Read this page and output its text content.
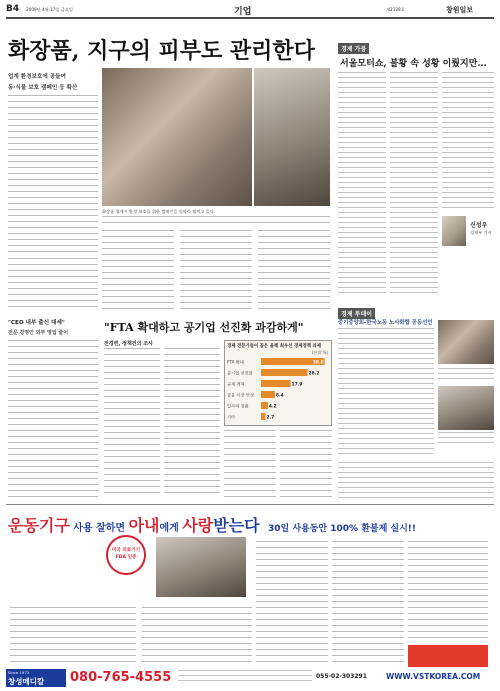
B4 2009년 4월 17일 금요일	기업	제2128호	창원일보
화장품, 지구의 피부도 관리한다
업계 환경보호에 공들여
동·식물 보호 캠페인 등 확산
화장품 업계가 환경 보호를 위한 캠페인을 잇따라 펼치고 있다.
"CEO 내부 출신 대세"
전문 경영인 외부 영입 줄어	"FTA 확대하고 공기업 선진화 과감하게"
전경련, 정책건의 조사	경제 전문가들이 꼽은 올해 최우선 경제정책 과제
(단위:%)
FTA 확대	38.6
공기업 선진화	28.2
규제 개혁	17.9
금융 시장 안정	8.4
일자리 창출	4.2
기타	2.7
경제 가뭄
서울모터쇼, 불황 속 성황 이뤘지만...
신성우
경제부 기자
경제 투데이
중기중앙회-한국노동 노사화합 공동선언
운동기구 사용 잘하면 아내에게 사랑받는다 30일 사용동안 100% 환불제 실시!!
미국 의료기기 FDA 인증
Since 1973
창성메디칼 080-765-4555	055-02-303291	WWW.VSTKOREA.COM
